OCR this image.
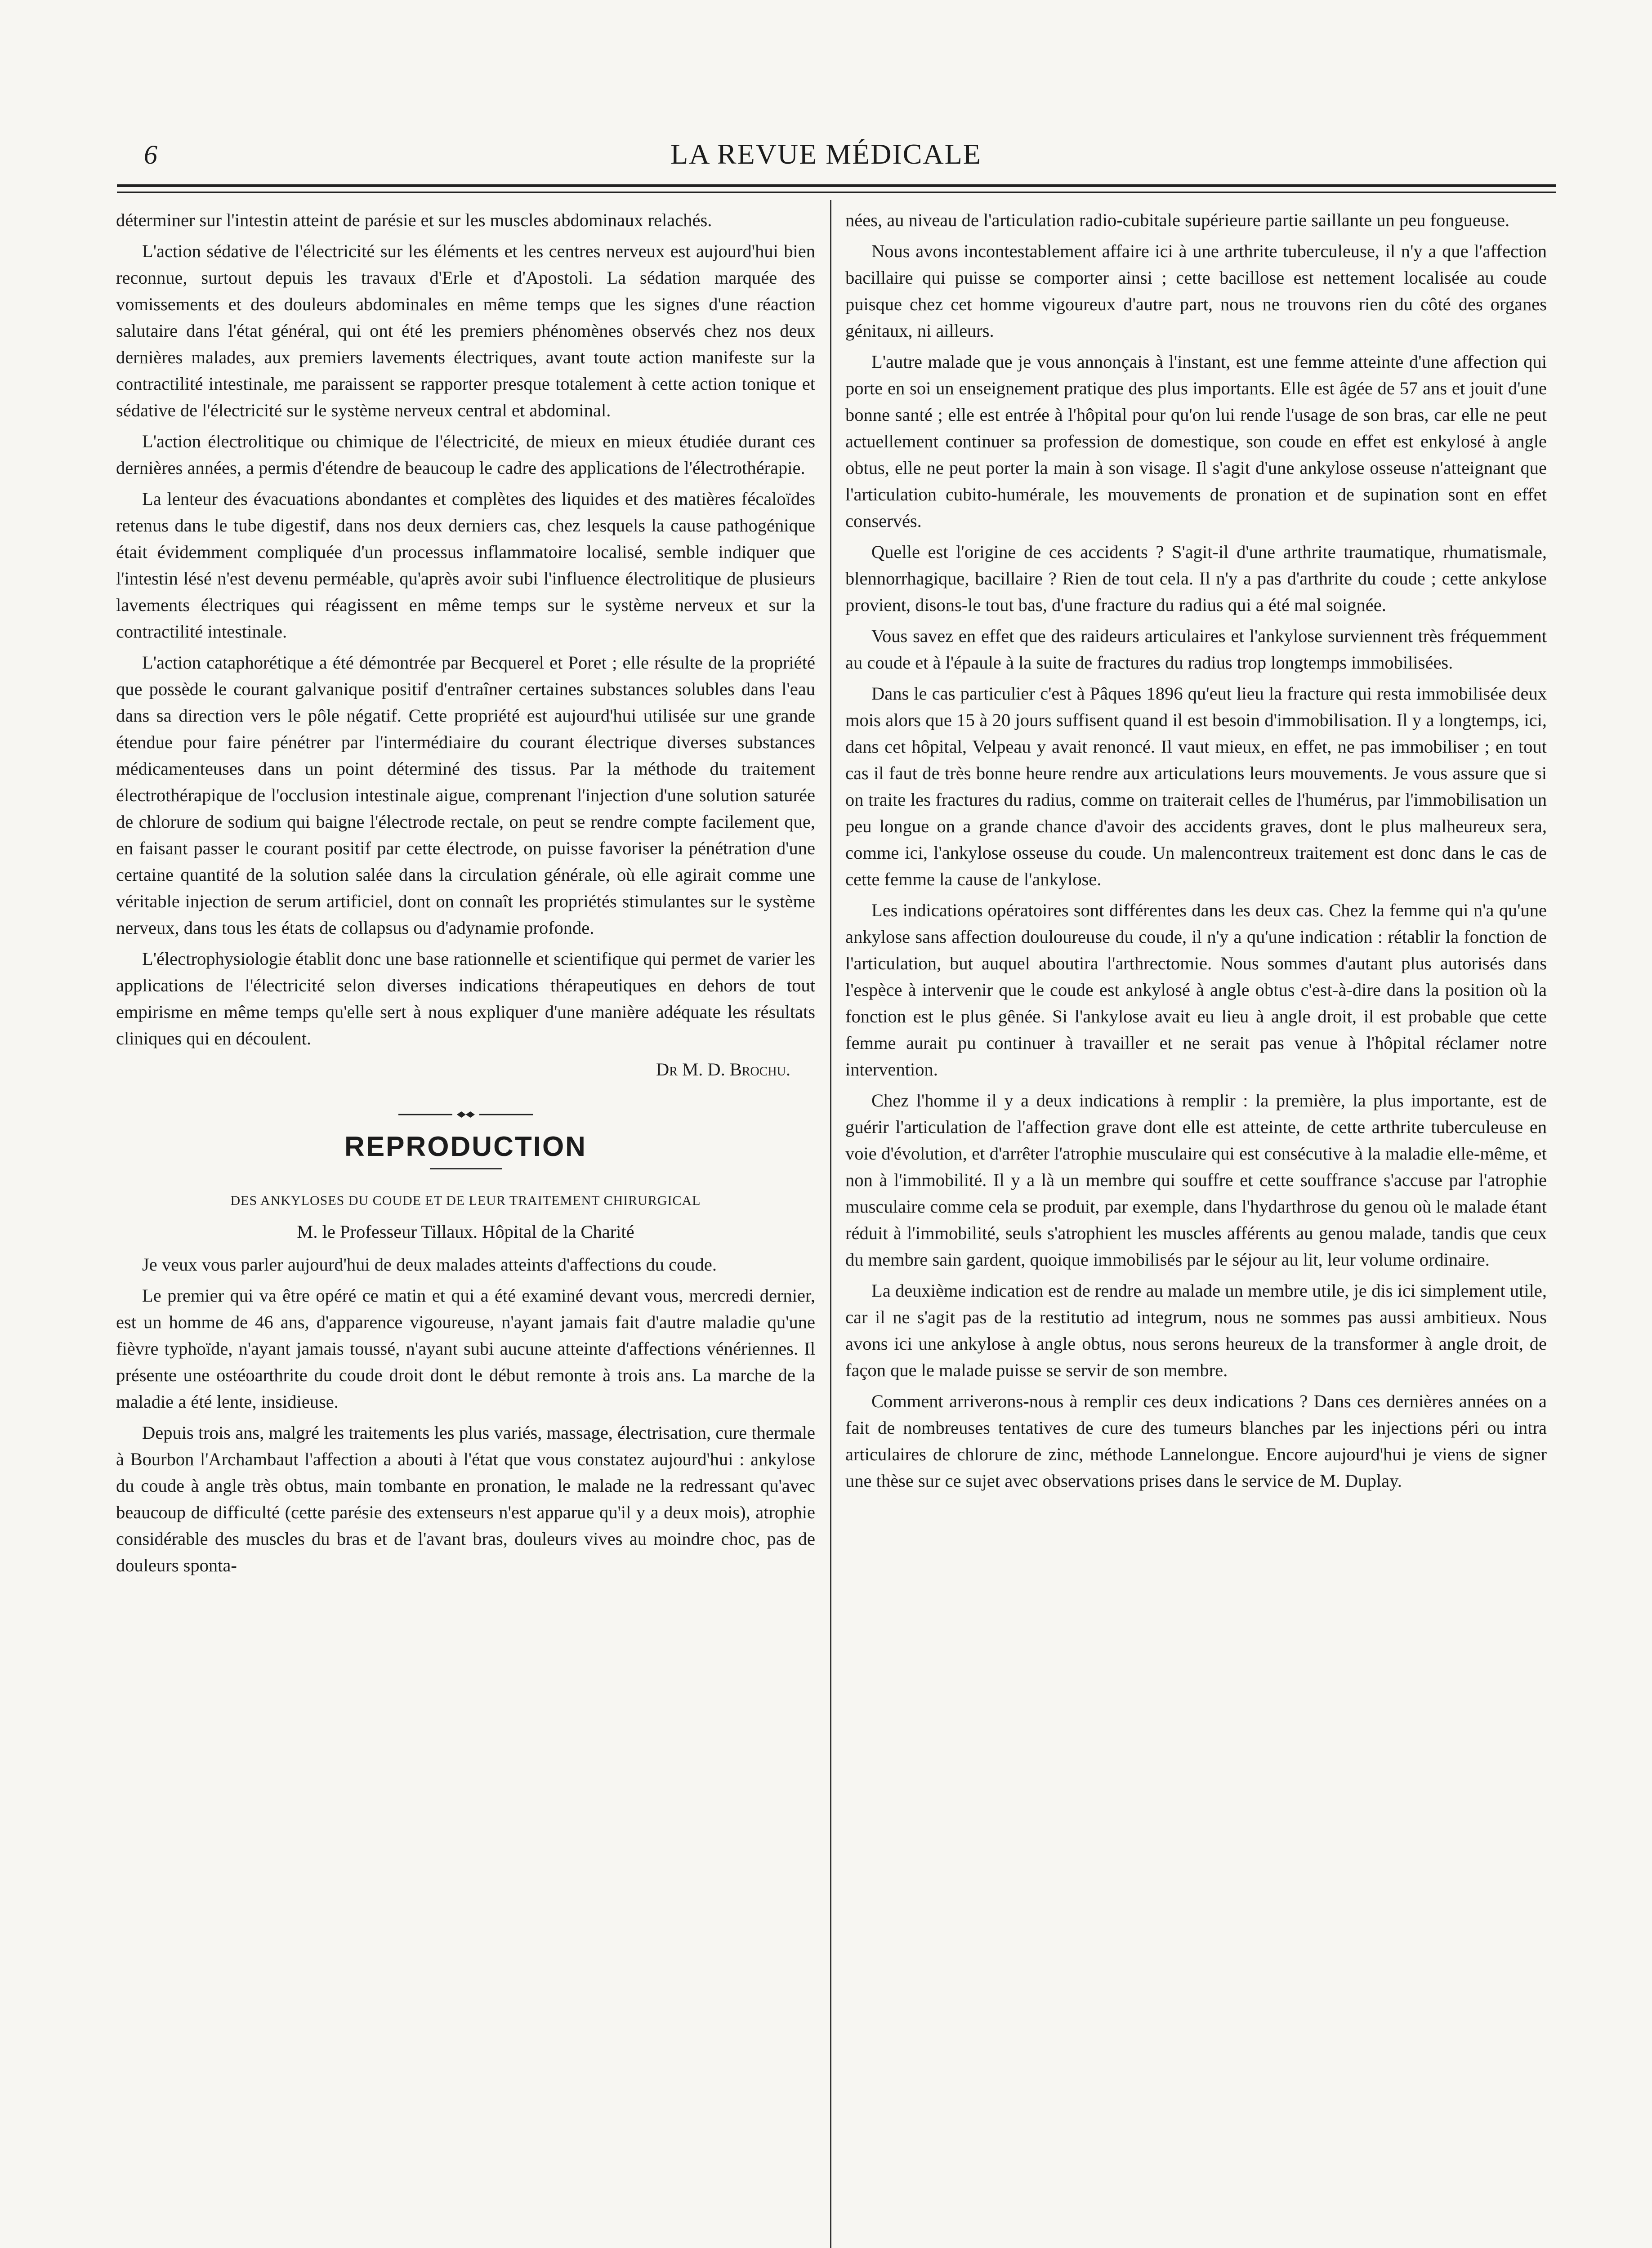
6	LA REVUE MÉDICALE

déterminer sur l'intestin atteint de parésie et sur les muscles abdominaux relachés.

L'action sédative de l'électricité sur les éléments et les centres nerveux est aujourd'hui bien reconnue, surtout depuis les travaux d'Erle et d'Apostoli. La sédation marquée des vomissements et des douleurs abdominales en même temps que les signes d'une réaction salutaire dans l'état général, qui ont été les premiers phénomènes observés chez nos deux dernières malades, aux premiers lavements électriques, avant toute action manifeste sur la contractilité intestinale, me paraissent se rapporter presque totalement à cette action tonique et sédative de l'électricité sur le système nerveux central et abdominal.

L'action électrolitique ou chimique de l'électricité, de mieux en mieux étudiée durant ces dernières années, a permis d'étendre de beaucoup le cadre des applications de l'électrothérapie.

La lenteur des évacuations abondantes et complètes des liquides et des matières fécaloïdes retenus dans le tube digestif, dans nos deux derniers cas, chez lesquels la cause pathogénique était évidemment compliquée d'un processus inflammatoire localisé, semble indiquer que l'intestin lésé n'est devenu perméable, qu'après avoir subi l'influence électrolitique de plusieurs lavements électriques qui réagissent en même temps sur le système nerveux et sur la contractilité intestinale.

L'action cataphorétique a été démontrée par Becquerel et Poret ; elle résulte de la propriété que possède le courant galvanique positif d'entraîner certaines substances solubles dans l'eau dans sa direction vers le pôle négatif. Cette propriété est aujourd'hui utilisée sur une grande étendue pour faire pénétrer par l'intermédiaire du courant électrique diverses substances médicamenteuses dans un point déterminé des tissus. Par la méthode du traitement électrothérapique de l'occlusion intestinale aigue, comprenant l'injection d'une solution saturée de chlorure de sodium qui baigne l'électrode rectale, on peut se rendre compte facilement que, en faisant passer le courant positif par cette électrode, on puisse favoriser la pénétration d'une certaine quantité de la solution salée dans la circulation générale, où elle agirait comme une véritable injection de serum artificiel, dont on connaît les propriétés stimulantes sur le système nerveux, dans tous les états de collapsus ou d'adynamie profonde.

L'électrophysiologie établit donc une base rationnelle et scientifique qui permet de varier les applications de l'électricité selon diverses indications thérapeutiques en dehors de tout empirisme en même temps qu'elle sert à nous expliquer d'une manière adéquate les résultats cliniques qui en découlent.

Dr M. D. Brochu.
REPRODUCTION
DES ANKYLOSES DU COUDE ET DE LEUR TRAITEMENT CHIRURGICAL
M. le Professeur Tillaux. Hôpital de la Charité

Je veux vous parler aujourd'hui de deux malades atteints d'affections du coude.

Le premier qui va être opéré ce matin et qui a été examiné devant vous, mercredi dernier, est un homme de 46 ans, d'apparence vigoureuse, n'ayant jamais fait d'autre maladie qu'une fièvre typhoïde, n'ayant jamais toussé, n'ayant subi aucune atteinte d'affections vénériennes. Il présente une ostéoarthrite du coude droit dont le début remonte à trois ans. La marche de la maladie a été lente, insidieuse.

Depuis trois ans, malgré les traitements les plus variés, massage, électrisation, cure thermale à Bourbon l'Archambaut l'affection a abouti à l'état que vous constatez aujourd'hui : ankylose du coude à angle très obtus, main tombante en pronation, le malade ne la redressant qu'avec beaucoup de difficulté (cette parésie des extenseurs n'est apparue qu'il y a deux mois), atrophie considérable des muscles du bras et de l'avant bras, douleurs vives au moindre choc, pas de douleurs sponta-

nées, au niveau de l'articulation radio-cubitale supérieure partie saillante un peu fongueuse.

Nous avons incontestablement affaire ici à une arthrite tuberculeuse, il n'y a que l'affection bacillaire qui puisse se comporter ainsi ; cette bacillose est nettement localisée au coude puisque chez cet homme vigoureux d'autre part, nous ne trouvons rien du côté des organes génitaux, ni ailleurs.

L'autre malade que je vous annonçais à l'instant, est une femme atteinte d'une affection qui porte en soi un enseignement pratique des plus importants. Elle est âgée de 57 ans et jouit d'une bonne santé ; elle est entrée à l'hôpital pour qu'on lui rende l'usage de son bras, car elle ne peut actuellement continuer sa profession de domestique, son coude en effet est enkylosé à angle obtus, elle ne peut porter la main à son visage. Il s'agit d'une ankylose osseuse n'atteignant que l'articulation cubito-humérale, les mouvements de pronation et de supination sont en effet conservés.

Quelle est l'origine de ces accidents ? S'agit-il d'une arthrite traumatique, rhumatismale, blennorrhagique, bacillaire ? Rien de tout cela. Il n'y a pas d'arthrite du coude ; cette ankylose provient, disons-le tout bas, d'une fracture du radius qui a été mal soignée.

Vous savez en effet que des raideurs articulaires et l'ankylose surviennent très fréquemment au coude et à l'épaule à la suite de fractures du radius trop longtemps immobilisées.

Dans le cas particulier c'est à Pâques 1896 qu'eut lieu la fracture qui resta immobilisée deux mois alors que 15 à 20 jours suffisent quand il est besoin d'immobilisation. Il y a longtemps, ici, dans cet hôpital, Velpeau y avait renoncé. Il vaut mieux, en effet, ne pas immobiliser ; en tout cas il faut de très bonne heure rendre aux articulations leurs mouvements. Je vous assure que si on traite les fractures du radius, comme on traiterait celles de l'humérus, par l'immobilisation un peu longue on a grande chance d'avoir des accidents graves, dont le plus malheureux sera, comme ici, l'ankylose osseuse du coude. Un malencontreux traitement est donc dans le cas de cette femme la cause de l'ankylose.

Les indications opératoires sont différentes dans les deux cas. Chez la femme qui n'a qu'une ankylose sans affection douloureuse du coude, il n'y a qu'une indication : rétablir la fonction de l'articulation, but auquel aboutira l'arthrectomie. Nous sommes d'autant plus autorisés dans l'espèce à intervenir que le coude est ankylosé à angle obtus c'est-à-dire dans la position où la fonction est le plus gênée. Si l'ankylose avait eu lieu à angle droit, il est probable que cette femme aurait pu continuer à travailler et ne serait pas venue à l'hôpital réclamer notre intervention.

Chez l'homme il y a deux indications à remplir : la première, la plus importante, est de guérir l'articulation de l'affection grave dont elle est atteinte, de cette arthrite tuberculeuse en voie d'évolution, et d'arrêter l'atrophie musculaire qui est consécutive à la maladie elle-même, et non à l'immobilité. Il y a là un membre qui souffre et cette souffrance s'accuse par l'atrophie musculaire comme cela se produit, par exemple, dans l'hydarthrose du genou où le malade étant réduit à l'immobilité, seuls s'atrophient les muscles afférents au genou malade, tandis que ceux du membre sain gardent, quoique immobilisés par le séjour au lit, leur volume ordinaire.

La deuxième indication est de rendre au malade un membre utile, je dis ici simplement utile, car il ne s'agit pas de la restitutio ad integrum, nous ne sommes pas aussi ambitieux. Nous avons ici une ankylose à angle obtus, nous serons heureux de la transformer à angle droit, de façon que le malade puisse se servir de son membre.

Comment arriverons-nous à remplir ces deux indications ? Dans ces dernières années on a fait de nombreuses tentatives de cure des tumeurs blanches par les injections péri ou intra articulaires de chlorure de zinc, méthode Lannelongue. Encore aujourd'hui je viens de signer une thèse sur ce sujet avec observations prises dans le service de M. Duplay.
